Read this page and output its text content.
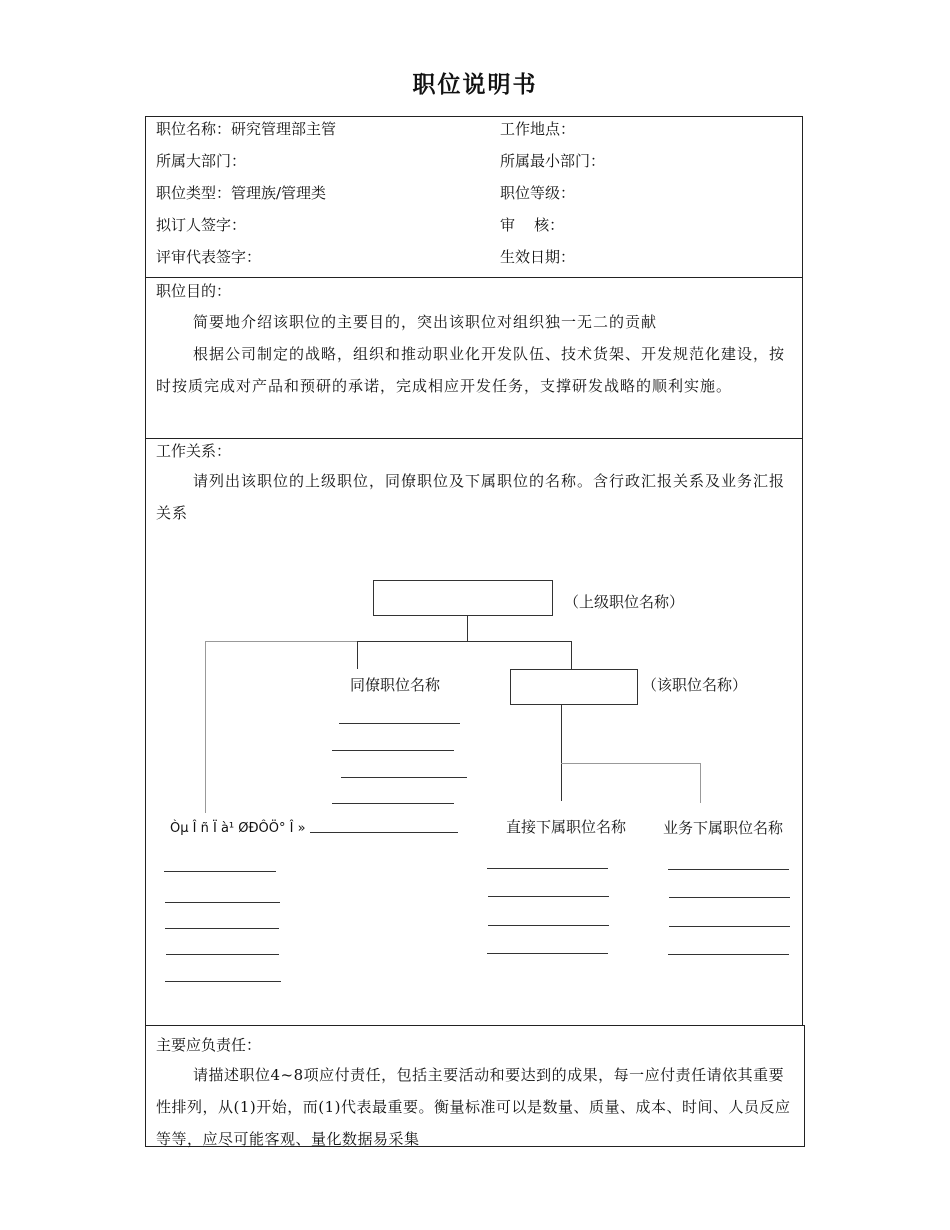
职位说明书
职位名称：研究管理部主管	工作地点：
所属大部门：	所属最小部门：
职位类型：管理族/管理类	职位等级：
拟订人签字：	审    核：
评审代表签字：	生效日期：
职位目的：
简要地介绍该职位的主要目的，突出该职位对组织独一无二的贡献
根据公司制定的战略，组织和推动职业化开发队伍、技术货架、开发规范化建设，按时按质完成对产品和预研的承诺，完成相应开发任务，支撑研发战略的顺利实施。
工作关系：
请列出该职位的上级职位，同僚职位及下属职位的名称。含行政汇报关系及业务汇报关系
（上级职位名称）
同僚职位名称	（该职位名称）
Òµ Î ñ Ï à¹ ØÐÔÖ° Î »	直接下属职位名称 业务下属职位名称
主要应负责任：
请描述职位4~8项应付责任，包括主要活动和要达到的成果，每一应付责任请依其重要性排列，从(1)开始，而(1)代表最重要。衡量标准可以是数量、质量、成本、时间、人员反应等等，应尽可能客观、量化数据易采集
